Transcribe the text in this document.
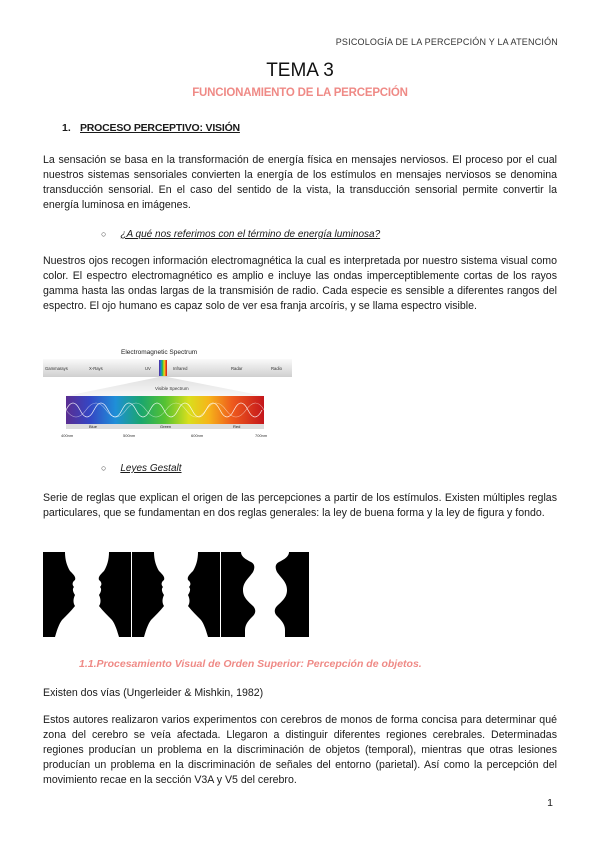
PSICOLOGÍA DE LA PERCEPCIÓN Y LA ATENCIÓN
TEMA 3
FUNCIONAMIENTO DE LA PERCEPCIÓN
1. PROCESO PERCEPTIVO: VISIÓN

La sensación se basa en la transformación de energía física en mensajes nerviosos. El proceso por el cual nuestros sistemas sensoriales convierten la energía de los estímulos en mensajes nerviosos se denomina transducción sensorial. En el caso del sentido de la vista, la transducción sensorial permite convertir la energía luminosa en imágenes.

○ ¿A qué nos referimos con el término de energía luminosa?

Nuestros ojos recogen información electromagnética la cual es interpretada por nuestro sistema visual como color. El espectro electromagnético es amplio e incluye las ondas imperceptiblemente cortas de los rayos gamma hasta las ondas largas de la transmisión de radio. Cada especie es sensible a diferentes rangos del espectro. El ojo humano es capaz solo de ver esa franja arcoíris, y se llama espectro visible.

Electromagnetic Spectrum
Gammarays	X-Rays	UV	Infrared	Radar	Radio
Visible Spectrum
Blue	Green	Red
400nm	500nm	600nm	700nm
○ Leyes Gestalt

Serie de reglas que explican el origen de las percepciones a partir de los estímulos. Existen múltiples reglas particulares, que se fundamentan en dos reglas generales: la ley de buena forma y la ley de figura y fondo.

1.1.Procesamiento Visual de Orden Superior: Percepción de objetos.

Existen dos vías (Ungerleider & Mishkin, 1982)

Estos autores realizaron varios experimentos con cerebros de monos de forma concisa para determinar qué zona del cerebro se veía afectada. Llegaron a distinguir diferentes regiones cerebrales. Determinadas regiones producían un problema en la discriminación de objetos (temporal), mientras que otras lesiones producían un problema en la discriminación de señales del entorno (parietal). Así como la percepción del movimiento recae en la sección V3A y V5 del cerebro.

1
